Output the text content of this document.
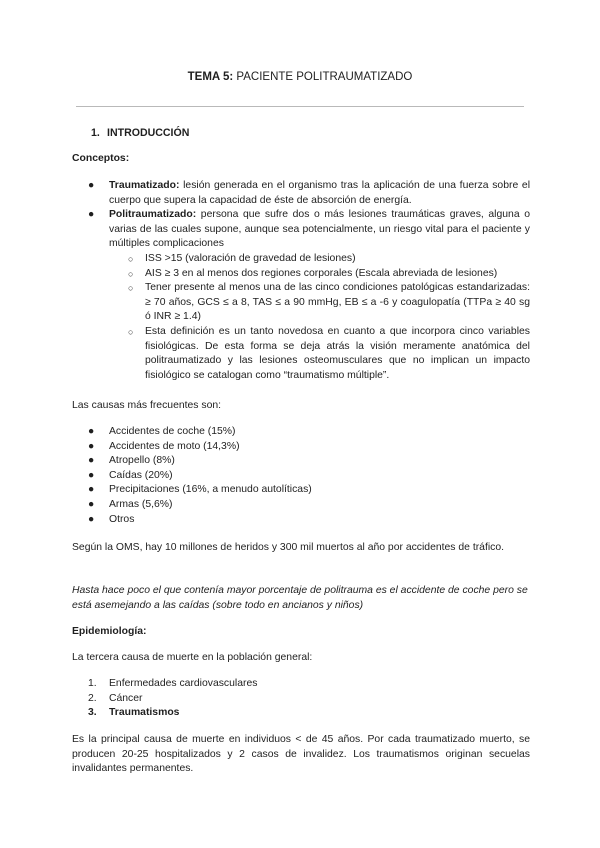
TEMA 5: PACIENTE POLITRAUMATIZADO
1. INTRODUCCIÓN
Conceptos:
● Traumatizado: lesión generada en el organismo tras la aplicación de una fuerza sobre el cuerpo que supera la capacidad de éste de absorción de energía.
● Politraumatizado: persona que sufre dos o más lesiones traumáticas graves, alguna o varias de las cuales supone, aunque sea potencialmente, un riesgo vital para el paciente y múltiples complicaciones
○ ISS >15 (valoración de gravedad de lesiones)
○ AIS ≥ 3 en al menos dos regiones corporales (Escala abreviada de lesiones)
○ Tener presente al menos una de las cinco condiciones patológicas estandarizadas: ≥ 70 años, GCS ≤ a 8, TAS ≤ a 90 mmHg, EB ≤ a -6 y coagulopatía (TTPa ≥ 40 sg ó INR ≥ 1.4)
○ Esta definición es un tanto novedosa en cuanto a que incorpora cinco variables fisiológicas. De esta forma se deja atrás la visión meramente anatómica del politraumatizado y las lesiones osteomusculares que no implican un impacto fisiológico se catalogan como “traumatismo múltiple”.
Las causas más frecuentes son:
● Accidentes de coche (15%)
● Accidentes de moto (14,3%)
● Atropello (8%)
● Caídas (20%)
● Precipitaciones (16%, a menudo autolíticas)
● Armas (5,6%)
● Otros
Según la OMS, hay 10 millones de heridos y 300 mil muertos al año por accidentes de tráfico.
Hasta hace poco el que contenía mayor porcentaje de politrauma es el accidente de coche pero se está asemejando a las caídas (sobre todo en ancianos y niños)
Epidemiología:
La tercera causa de muerte en la población general:
1. Enfermedades cardiovasculares
2. Cáncer
3. Traumatismos
Es la principal causa de muerte en individuos < de 45 años. Por cada traumatizado muerto, se producen 20-25 hospitalizados y 2 casos de invalidez. Los traumatismos originan secuelas invalidantes permanentes.
